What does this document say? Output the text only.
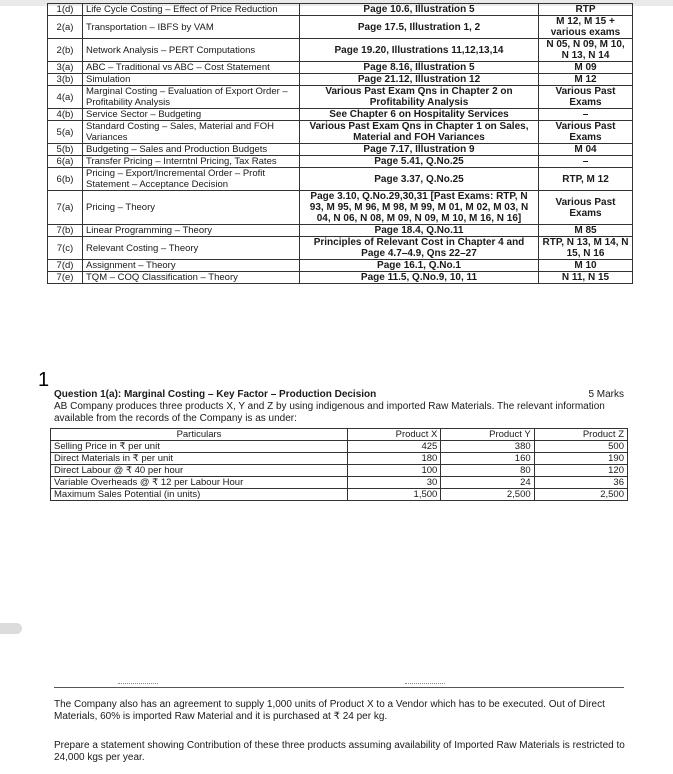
1(d)	Life Cycle Costing – Effect of Price Reduction	Page 10.6, Illustration 5	RTP
2(a)	Transportation – IBFS by VAM	Page 17.5, Illustration 1, 2	M 12, M 15 + various exams
2(b)	Network Analysis – PERT Computations	Page 19.20, Illustrations 11,12,13,14	N 05, N 09, M 10, N 13, N 14
3(a)	ABC – Traditional vs ABC – Cost Statement	Page 8.16, Illustration 5	M 09
3(b)	Simulation	Page 21.12, Illustration 12	M 12
4(a)	Marginal Costing – Evaluation of Export Order – Profitability Analysis	Various Past Exam Qns in Chapter 2 on Profitability Analysis	Various Past Exams
4(b)	Service Sector – Budgeting	See Chapter 6 on Hospitality Services	–
5(a)	Standard Costing – Sales, Material and FOH Variances	Various Past Exam Qns in Chapter 1 on Sales, Material and FOH Variances	Various Past Exams
5(b)	Budgeting – Sales and Production Budgets	Page 7.17, Illustration 9	M 04
6(a)	Transfer Pricing – Interntnl Pricing, Tax Rates	Page 5.41, Q.No.25	–
6(b)	Pricing – Export/Incremental Order – Profit Statement – Acceptance Decision	Page 3.37, Q.No.25	RTP, M 12
7(a)	Pricing – Theory	Page 3.10, Q.No.29,30,31 [Past Exams: RTP, N 93, M 95, M 96, M 98, M 99, M 01, M 02, M 03, N 04, N 06, N 08, M 09, N 09, M 10, M 16, N 16]	Various Past Exams
7(b)	Linear Programming – Theory	Page 18.4, Q.No.11	M 85
7(c)	Relevant Costing – Theory	Principles of Relevant Cost in Chapter 4 and Page 4.7–4.9, Qns 22–27	RTP, N 13, M 14, N 15, N 16
7(d)	Assignment – Theory	Page 16.1, Q.No.1	M 10
7(e)	TQM – COQ Classification – Theory	Page 11.5, Q.No.9, 10, 11	N 11, N 15
1
Question 1(a): Marginal Costing – Key Factor – Production Decision	5 Marks
AB Company produces three products X, Y and Z by using indigenous and imported Raw Materials. The relevant information available from the records of the Company is as under:
Particulars	Product X	Product Y	Product Z
Selling Price in ₹ per unit	425	380	500
Direct Materials in ₹ per unit	180	160	190
Direct Labour @ ₹ 40 per hour	100	80	120
Variable Overheads @ ₹ 12 per Labour Hour	30	24	36
Maximum Sales Potential (in units)	1,500	2,500	2,500
The Company also has an agreement to supply 1,000 units of Product X to a Vendor which has to be executed. Out of Direct Materials, 60% is imported Raw Material and it is purchased at ₹ 24 per kg.
Prepare a statement showing Contribution of these three products assuming availability of Imported Raw Materials is restricted to 24,000 kgs per year.
